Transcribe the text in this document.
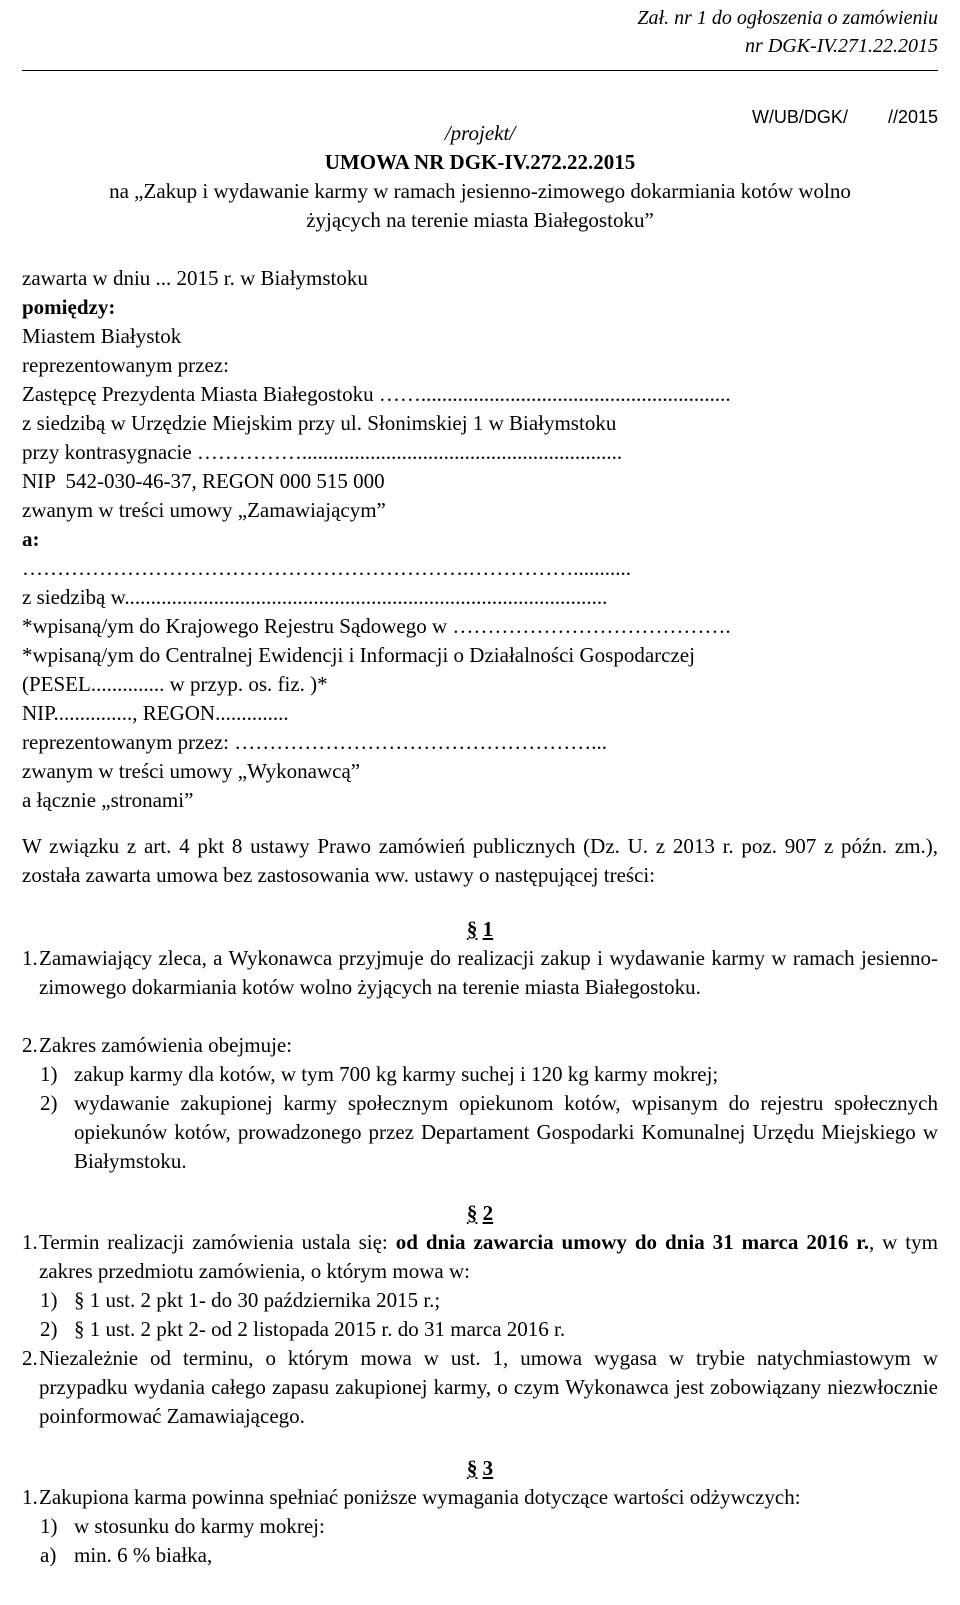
Zał. nr 1 do ogłoszenia o zamówieniu
nr DGK-IV.271.22.2015
W/UB/DGK/        //2015
/projekt/
UMOWA NR DGK-IV.272.22.2015
na „Zakup i wydawanie karmy w ramach jesienno-zimowego dokarmiania kotów wolno
żyjących na terenie miasta Białegostoku”
zawarta w dniu ... 2015 r. w Białymstoku
pomiędzy:
Miastem Białystok
reprezentowanym przez:
Zastępcę Prezydenta Miasta Białegostoku ……...........................................................
z siedzibą w Urzędzie Miejskim przy ul. Słonimskiej 1 w Białymstoku
przy kontrasygnacie …………….............................................................
NIP  542-030-46-37, REGON 000 515 000
zwanym w treści umowy „Zamawiającym”
a:
……………………………………………………….……………...........
z siedzibą w............................................................................................
*wpisaną/ym do Krajowego Rejestru Sądowego w ………………………………….
*wpisaną/ym do Centralnej Ewidencji i Informacji o Działalności Gospodarczej
(PESEL.............. w przyp. os. fiz. )*
NIP..............., REGON..............
reprezentowanym przez: ……………………………………………...
zwanym w treści umowy „Wykonawcą”
a łącznie „stronami”
W związku z art. 4 pkt 8 ustawy Prawo zamówień publicznych (Dz. U. z 2013 r. poz. 907 z późn. zm.), została zawarta umowa bez zastosowania ww. ustawy o następującej treści:
§ 1
1. Zamawiający zleca, a Wykonawca przyjmuje do realizacji zakup i wydawanie karmy w ramach jesienno-zimowego dokarmiania kotów wolno żyjących na terenie miasta Białegostoku.
2. Zakres zamówienia obejmuje:
1) zakup karmy dla kotów, w tym 700 kg karmy suchej i 120 kg karmy mokrej;
2) wydawanie zakupionej karmy społecznym opiekunom kotów, wpisanym do rejestru społecznych opiekunów kotów, prowadzonego przez Departament Gospodarki Komunalnej Urzędu Miejskiego w Białymstoku.
§ 2
1. Termin realizacji zamówienia ustala się: od dnia zawarcia umowy do dnia 31 marca 2016 r., w tym zakres przedmiotu zamówienia, o którym mowa w:
1) § 1 ust. 2 pkt 1- do 30 października 2015 r.;
2) § 1 ust. 2 pkt 2- od 2 listopada 2015 r. do 31 marca 2016 r.
2. Niezależnie od terminu, o którym mowa w ust. 1, umowa wygasa w trybie natychmiastowym w przypadku wydania całego zapasu zakupionej karmy, o czym Wykonawca jest zobowiązany niezwłocznie poinformować Zamawiającego.
§ 3
1. Zakupiona karma powinna spełniać poniższe wymagania dotyczące wartości odżywczych:
1) w stosunku do karmy mokrej:
a) min. 6 % białka,
